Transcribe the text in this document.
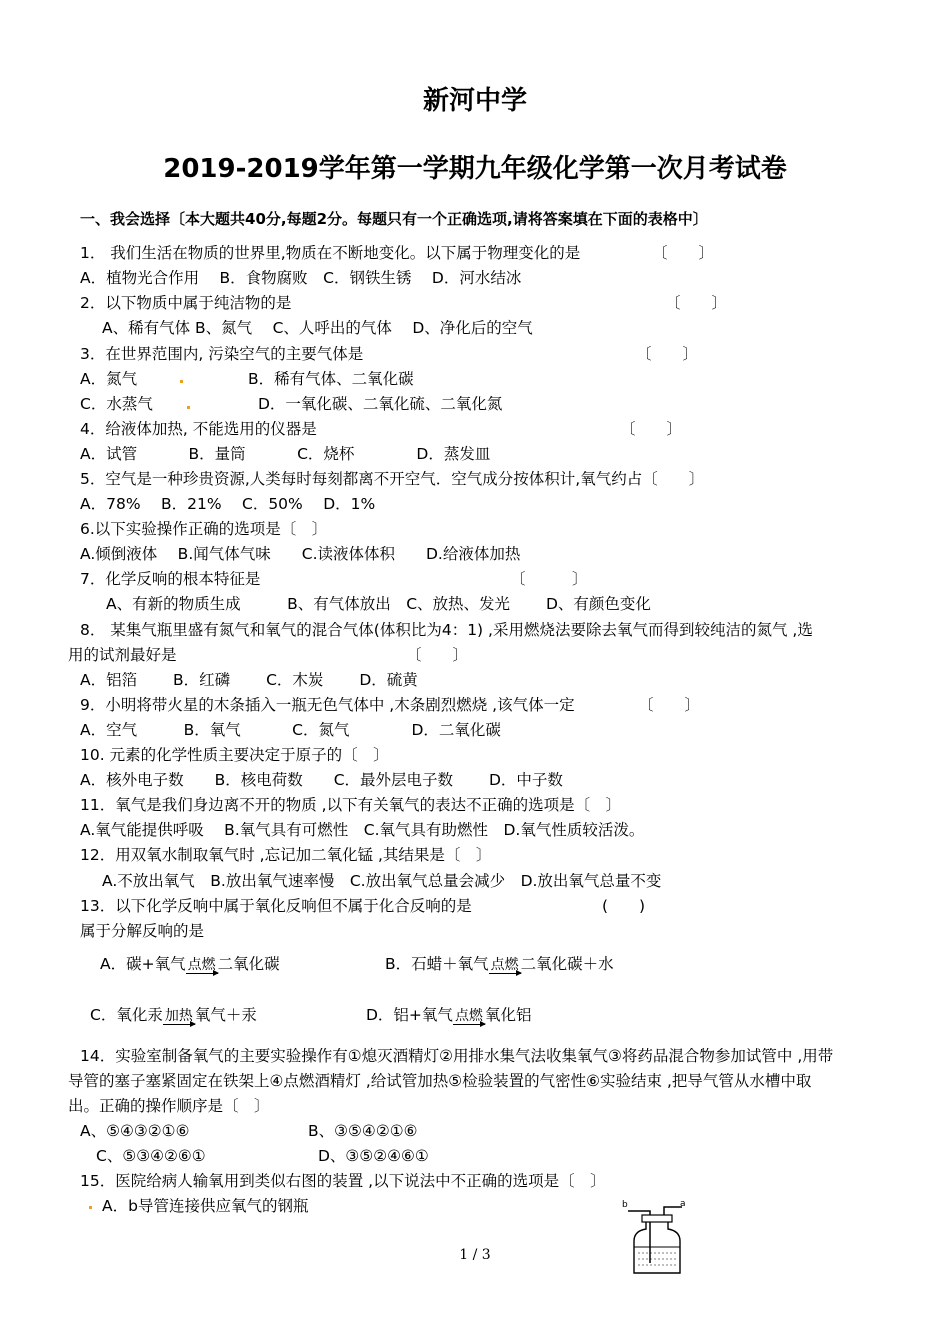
新河中学
2019-2019学年第一学期九年级化学第一次月考试卷
一、我会选择〔本大题共40分,每题2分。每题只有一个正确选项,请将答案填在下面的表格中〕
1． 我们生活在物质的世界里,物质在不断地变化。以下属于物理变化的是	〔　　〕
A．植物光合作用　 B．食物腐败　C．钢铁生锈　 D．河水结冰
2．以下物质中属于纯洁物的是	〔　　〕
A、稀有气体 B、氮气　 C、人呼出的气体　 D、净化后的空气
3．在世界范围内, 污染空气的主要气体是	〔　　〕
A．氮气	B．稀有气体、二氧化碳
C．水蒸气	D．一氧化碳、二氧化硫、二氧化氮
4．给液体加热, 不能选用的仪器是	〔　　〕
A．试管　　　 B．量筒　　　 C．烧杯　　　　D．蒸发皿
5．空气是一种珍贵资源,人类每时每刻都离不开空气．空气成分按体积计,氧气约占〔　　〕
A．78%　 B．21%　 C．50%　 D．1%
6.以下实验操作正确的选项是〔　〕
A.倾倒液体　 B.闻气体气味　　C.读液体体积　　D.给液体加热
7．化学反响的根本特征是	〔　　　〕
A、有新的物质生成　　　B、有气体放出　C、放热、发光　　 D、有颜色变化
8． 某集气瓶里盛有氮气和氧气的混合气体(体积比为4：1) ,采用燃烧法要除去氧气而得到较纯洁的氮气 ,选
用的试剂最好是	〔　　〕
A．铝箔　　 B．红磷　　 C．木炭　　 D．硫黄
9．小明将带火星的木条插入一瓶无色气体中 ,木条剧烈燃烧 ,该气体一定	〔　　〕
A．空气　　　B．氧气　　　 C．氮气　　　　D．二氧化碳
10. 元素的化学性质主要决定于原子的〔　〕
A．核外电子数　　B．核电荷数　　C．最外层电子数　　 D．中子数
11．氧气是我们身边离不开的物质 ,以下有关氧气的表达不正确的选项是〔　〕
A.氧气能提供呼吸　 B.氧气具有可燃性　C.氧气具有助燃性　D.氧气性质较活泼。
12．用双氧水制取氧气时 ,忘记加二氧化锰 ,其结果是〔　〕
A.不放出氧气　B.放出氧气速率慢　C.放出氧气总量会减少　D.放出氧气总量不变
13．以下化学反响中属于氧化反响但不属于化合反响的是	(　　)
属于分解反响的是
A．碳+氧气 点燃 二氧化碳	B．石蜡＋氧气 点燃 二氧化碳＋水
C．氧化汞 加热 氧气＋汞	D．铝+氧气 点燃 氧化铝
14．实验室制备氧气的主要实验操作有①熄灭酒精灯②用排水集气法收集氧气③将药品混合物参加试管中 ,用带
导管的塞子塞紧固定在铁架上④点燃酒精灯 ,给试管加热⑤检验装置的气密性⑥实验结束 ,把导气管从水槽中取
出。正确的操作顺序是〔　〕
A、⑤④③②①⑥	B、③⑤④②①⑥
C、⑤③④②⑥①	D、③⑤②④⑥①
15．医院给病人输氧用到类似右图的装置 ,以下说法中不正确的选项是〔　〕
A．b导管连接供应氧气的钢瓶	b	a
1 / 3
